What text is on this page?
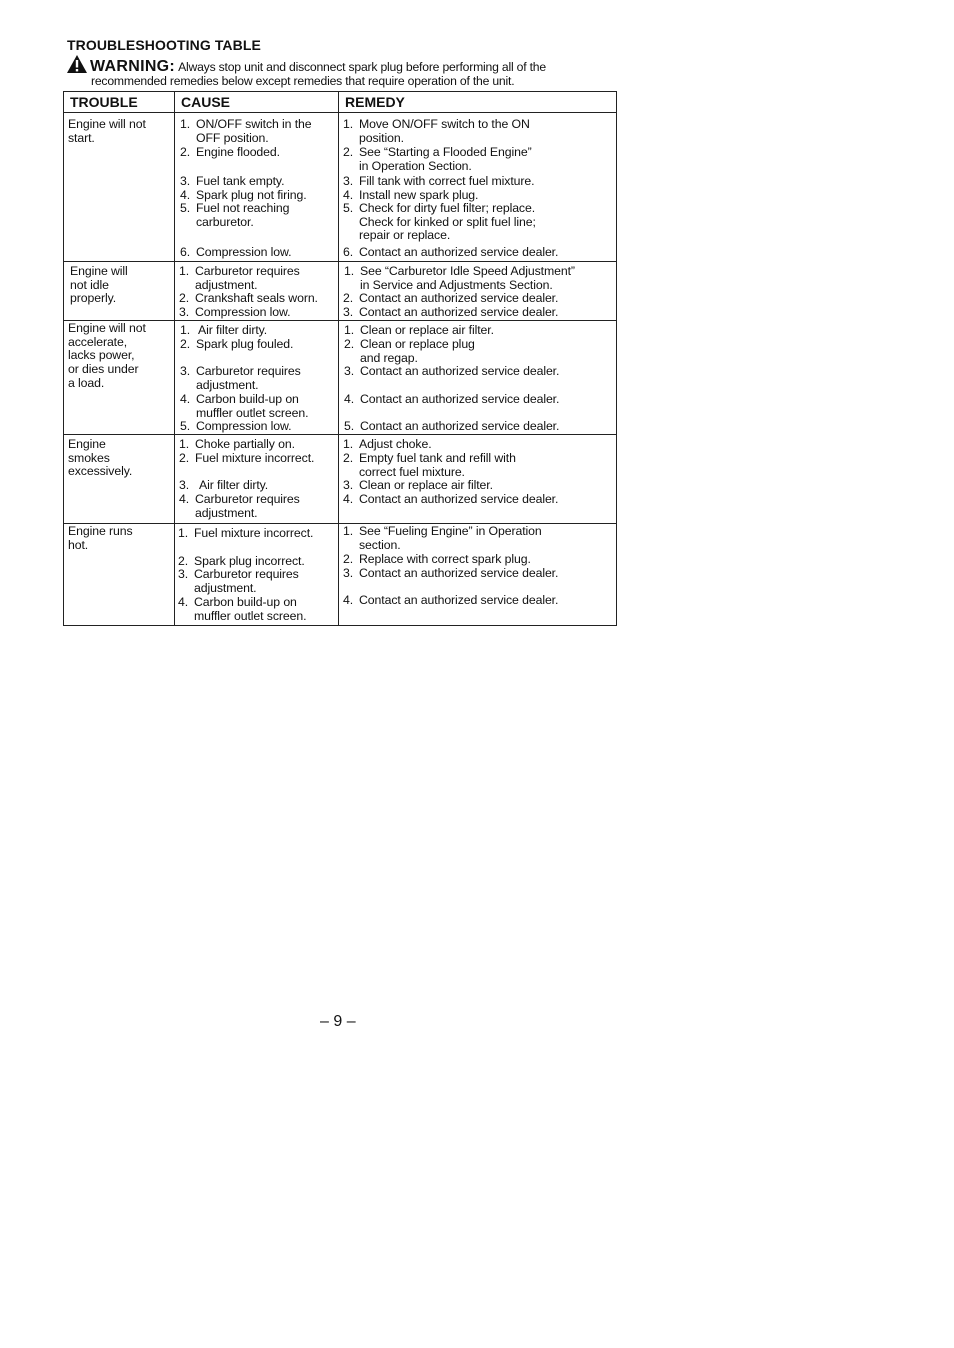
TROUBLESHOOTING TABLE
WARNING: Always stop unit and disconnect spark plug before performing all of the
recommended remedies below except remedies that require operation of the unit.
TROUBLE	CAUSE	REMEDY
Engine will not
start.
1. ON/OFF switch in the
OFF position.
2. Engine flooded.
3. Fuel tank empty.
4. Spark plug not firing.
5. Fuel not reaching
carburetor.
6. Compression low.
1. Move ON/OFF switch to the ON
position.
2. See “Starting a Flooded Engine”
in Operation Section.
3. Fill tank with correct fuel mixture.
4. Install new spark plug.
5. Check for dirty fuel filter; replace.
Check for kinked or split fuel line;
repair or replace.
6. Contact an authorized service dealer.
Engine will
not idle
properly.
1. Carburetor requires
adjustment.
2. Crankshaft seals worn.
3. Compression low.
1. See “Carburetor Idle Speed Adjustment”
in Service and Adjustments Section.
2. Contact an authorized service dealer.
3. Contact an authorized service dealer.
Engine will not
accelerate,
lacks power,
or dies under
a load.
1. Air filter dirty.
2. Spark plug fouled.
3. Carburetor requires
adjustment.
4. Carbon build-up on
muffler outlet screen.
5. Compression low.
1. Clean or replace air filter.
2. Clean or replace plug
and regap.
3. Contact an authorized service dealer.
4. Contact an authorized service dealer.
5. Contact an authorized service dealer.
Engine
smokes
excessively.
1. Choke partially on.
2. Fuel mixture incorrect.
3. Air filter dirty.
4. Carburetor requires
adjustment.
1. Adjust choke.
2. Empty fuel tank and refill with
correct fuel mixture.
3. Clean or replace air filter.
4. Contact an authorized service dealer.
Engine runs
hot.
1. Fuel mixture incorrect.
2. Spark plug incorrect.
3. Carburetor requires
adjustment.
4. Carbon build-up on
muffler outlet screen.
1. See “Fueling Engine” in Operation
section.
2. Replace with correct spark plug.
3. Contact an authorized service dealer.
4. Contact an authorized service dealer.
– 9 –
